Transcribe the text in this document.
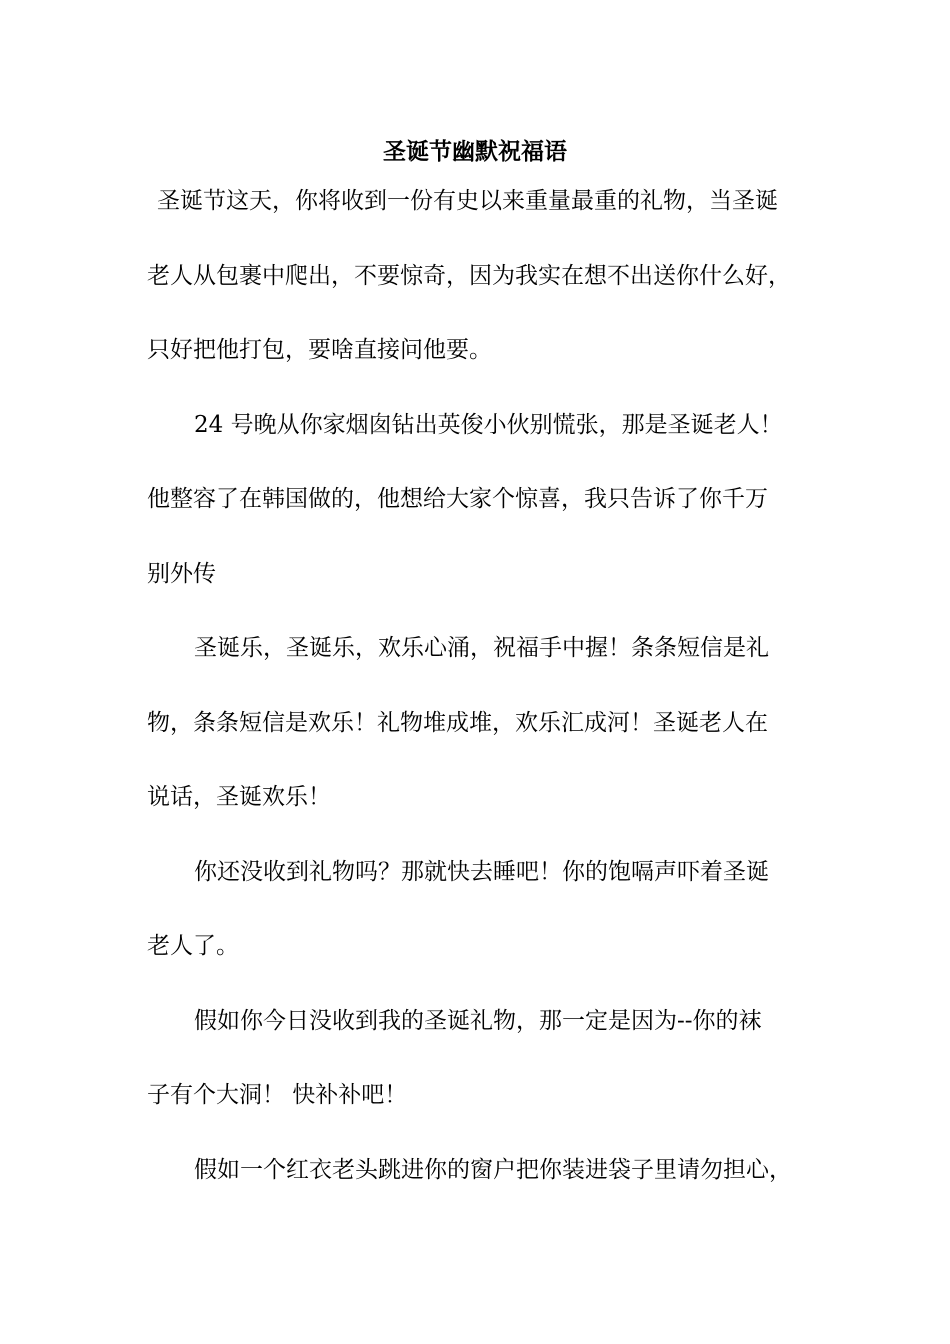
圣诞节幽默祝福语
圣诞节这天，你将收到一份有史以来重量最重的礼物，当圣诞
老人从包裹中爬出，不要惊奇，因为我实在想不出送你什么好，
只好把他打包，要啥直接问他要。
24 号晚从你家烟囱钻出英俊小伙别慌张，那是圣诞老人！
他整容了在韩国做的，他想给大家个惊喜，我只告诉了你千万
别外传
圣诞乐，圣诞乐，欢乐心涌，祝福手中握！条条短信是礼
物，条条短信是欢乐！礼物堆成堆，欢乐汇成河！圣诞老人在
说话，圣诞欢乐！
你还没收到礼物吗？那就快去睡吧！你的饱嗝声吓着圣诞
老人了。
假如你今日没收到我的圣诞礼物，那一定是因为--你的袜
子有个大洞！ 快补补吧！
假如一个红衣老头跳进你的窗户把你装进袋子里请勿担心，
